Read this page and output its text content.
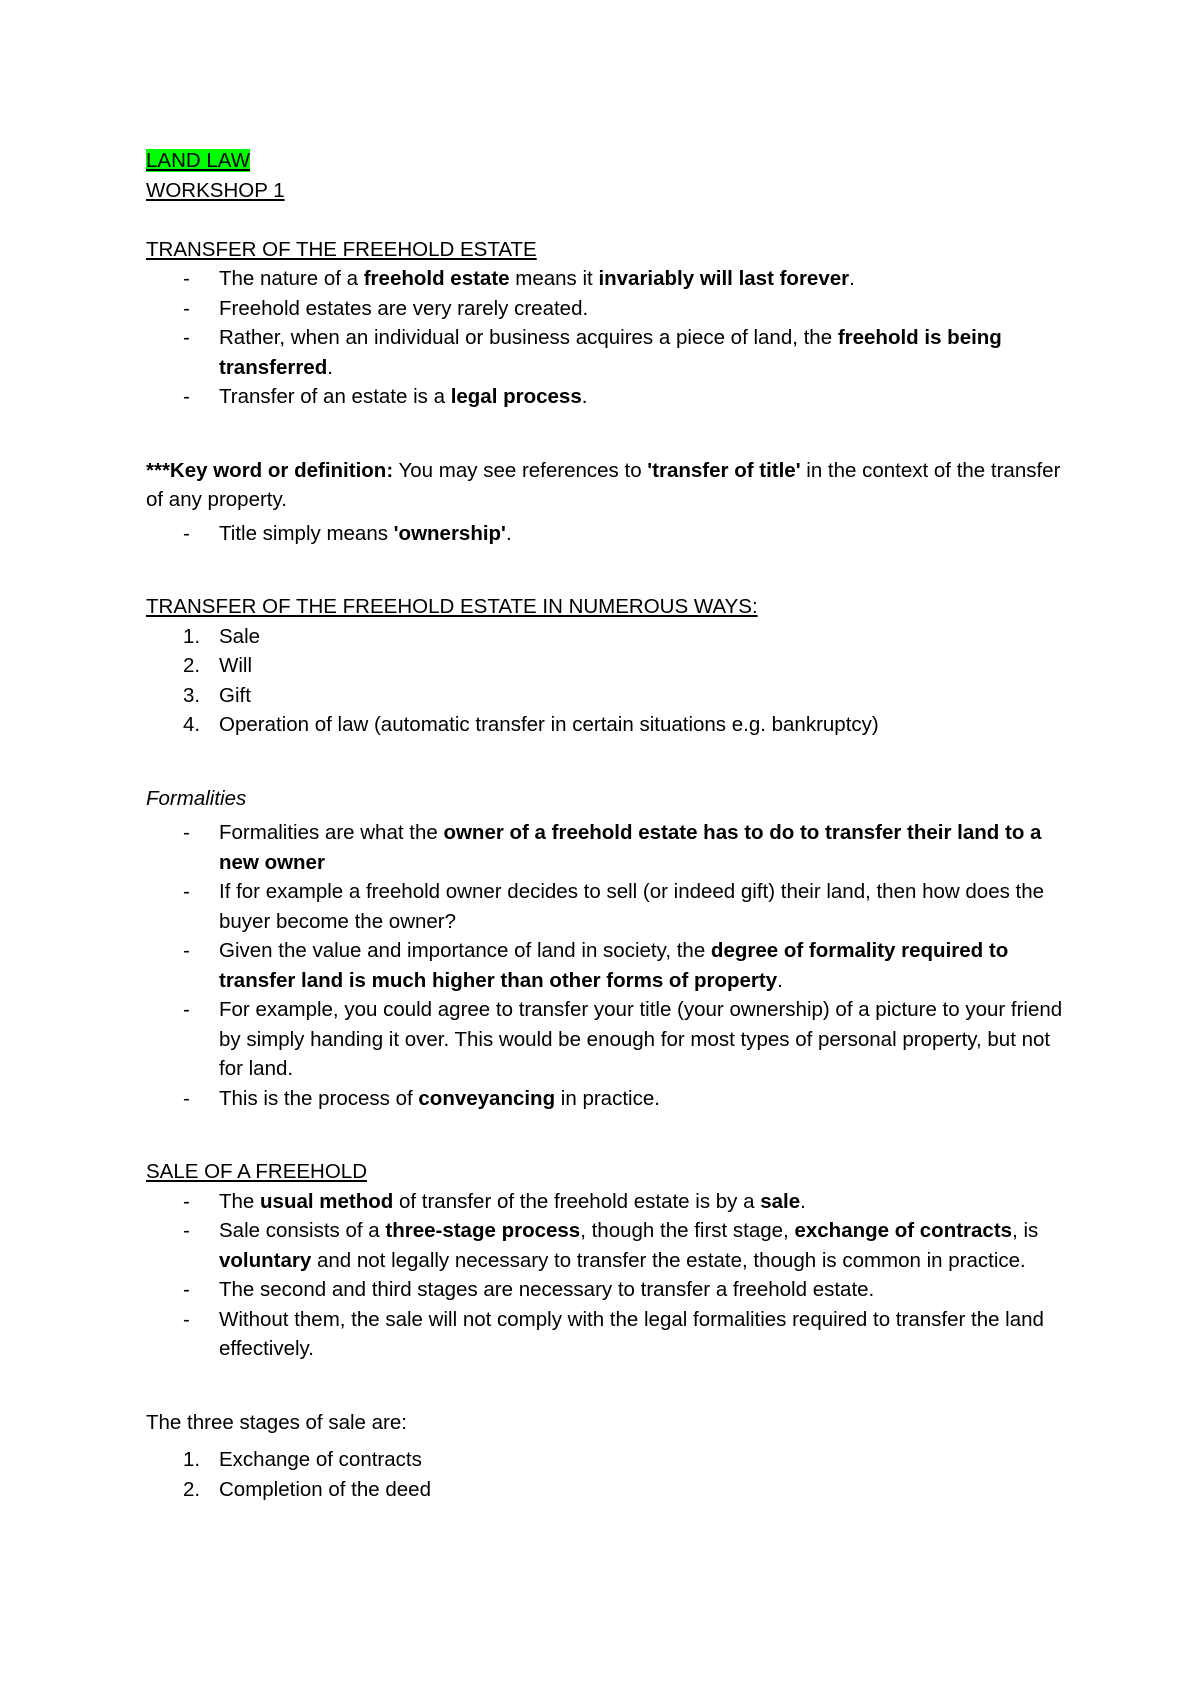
LAND LAW

WORKSHOP 1

TRANSFER OF THE FREEHOLD ESTATE

- The nature of a freehold estate means it invariably will last forever.
- Freehold estates are very rarely created.
- Rather, when an individual or business acquires a piece of land, the freehold is being transferred.
- Transfer of an estate is a legal process.

***Key word or definition: You may see references to 'transfer of title' in the context of the transfer of any property.

- Title simply means 'ownership'.

TRANSFER OF THE FREEHOLD ESTATE IN NUMEROUS WAYS:

1. Sale
2. Will
3. Gift
4. Operation of law (automatic transfer in certain situations e.g. bankruptcy)

Formalities

- Formalities are what the owner of a freehold estate has to do to transfer their land to a new owner
- If for example a freehold owner decides to sell (or indeed gift) their land, then how does the buyer become the owner?
- Given the value and importance of land in society, the degree of formality required to transfer land is much higher than other forms of property.
- For example, you could agree to transfer your title (your ownership) of a picture to your friend by simply handing it over. This would be enough for most types of personal property, but not for land.
- This is the process of conveyancing in practice.

SALE OF A FREEHOLD

- The usual method of transfer of the freehold estate is by a sale.
- Sale consists of a three-stage process, though the first stage, exchange of contracts, is voluntary and not legally necessary to transfer the estate, though is common in practice.
- The second and third stages are necessary to transfer a freehold estate.
- Without them, the sale will not comply with the legal formalities required to transfer the land effectively.

The three stages of sale are:

1. Exchange of contracts
2. Completion of the deed
